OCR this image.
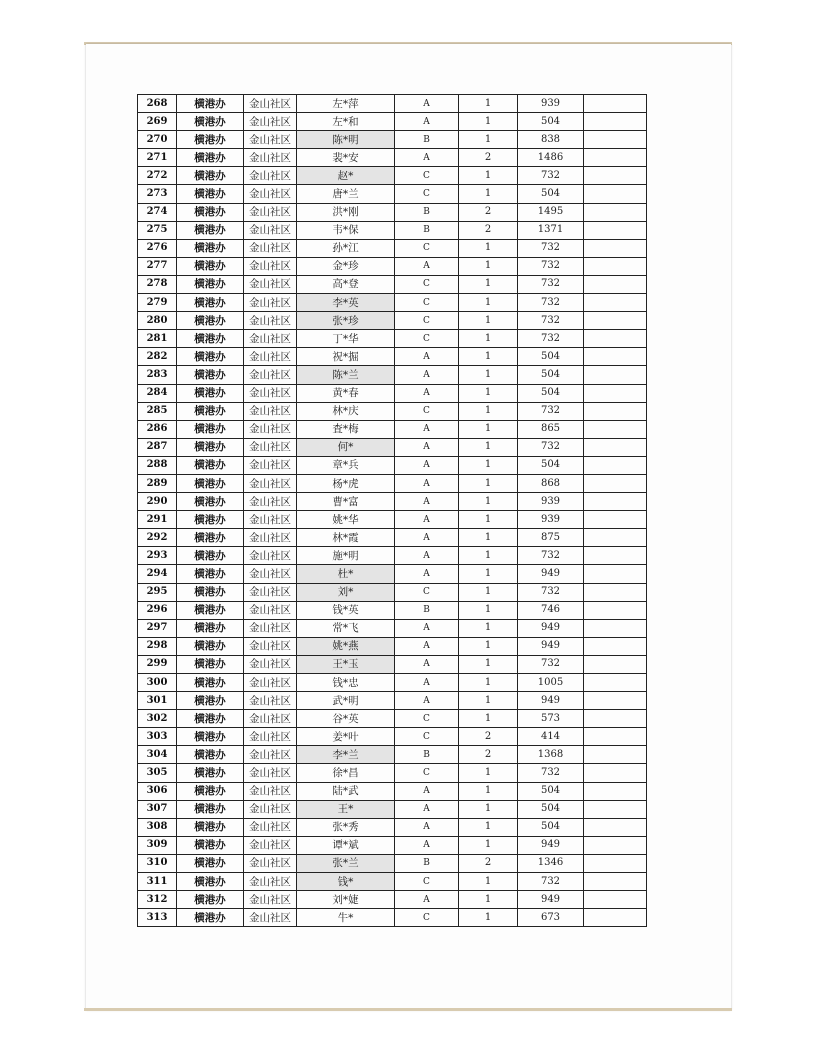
268	横港办	金山社区	左*萍	A	1	939	
269	横港办	金山社区	左*和	A	1	504	
270	横港办	金山社区	陈*明	B	1	838	
271	横港办	金山社区	裴*安	A	2	1486	
272	横港办	金山社区	赵*	C	1	732	
273	横港办	金山社区	唐*兰	C	1	504	
274	横港办	金山社区	洪*刚	B	2	1495	
275	横港办	金山社区	韦*保	B	2	1371	
276	横港办	金山社区	孙*江	C	1	732	
277	横港办	金山社区	金*珍	A	1	732	
278	横港办	金山社区	高*登	C	1	732	
279	横港办	金山社区	李*英	C	1	732	
280	横港办	金山社区	张*珍	C	1	732	
281	横港办	金山社区	丁*华	C	1	732	
282	横港办	金山社区	祝*掘	A	1	504	
283	横港办	金山社区	陈*兰	A	1	504	
284	横港办	金山社区	黄*春	A	1	504	
285	横港办	金山社区	林*庆	C	1	732	
286	横港办	金山社区	査*梅	A	1	865	
287	横港办	金山社区	何*	A	1	732	
288	横港办	金山社区	章*兵	A	1	504	
289	横港办	金山社区	杨*虎	A	1	868	
290	横港办	金山社区	曹*富	A	1	939	
291	横港办	金山社区	姚*华	A	1	939	
292	横港办	金山社区	林*霞	A	1	875	
293	横港办	金山社区	施*明	A	1	732	
294	横港办	金山社区	杜*	A	1	949	
295	横港办	金山社区	刘*	C	1	732	
296	横港办	金山社区	钱*英	B	1	746	
297	横港办	金山社区	常*飞	A	1	949	
298	横港办	金山社区	姚*燕	A	1	949	
299	横港办	金山社区	王*玉	A	1	732	
300	横港办	金山社区	钱*忠	A	1	1005	
301	横港办	金山社区	武*明	A	1	949	
302	横港办	金山社区	谷*英	C	1	573	
303	横港办	金山社区	姜*叶	C	2	414	
304	横港办	金山社区	李*兰	B	2	1368	
305	横港办	金山社区	徐*昌	C	1	732	
306	横港办	金山社区	陆*武	A	1	504	
307	横港办	金山社区	王*	A	1	504	
308	横港办	金山社区	张*秀	A	1	504	
309	横港办	金山社区	谭*斌	A	1	949	
310	横港办	金山社区	张*兰	B	2	1346	
311	横港办	金山社区	钱*	C	1	732	
312	横港办	金山社区	刘*婕	A	1	949	
313	横港办	金山社区	牛*	C	1	673	
